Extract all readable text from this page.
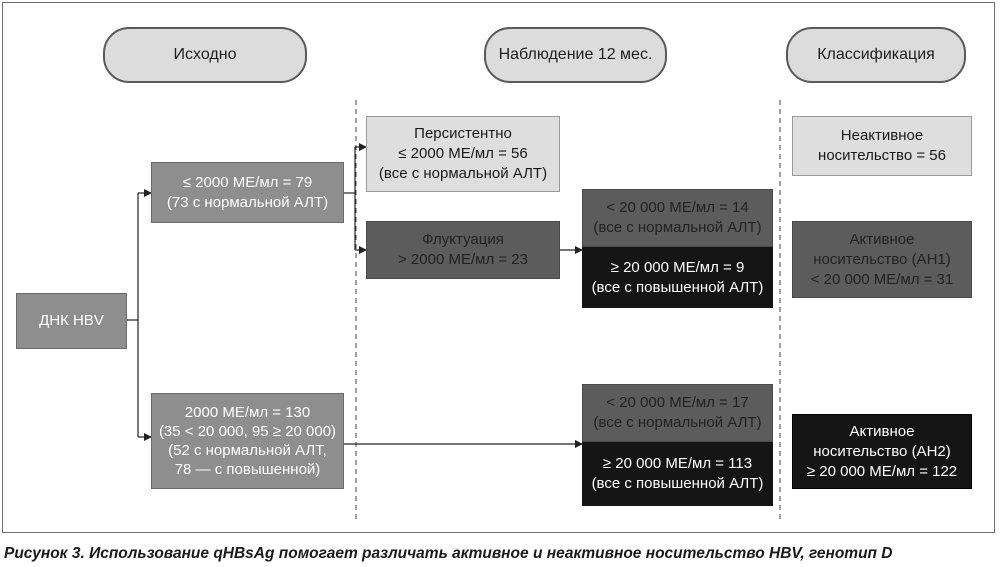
Исходно	Наблюдение 12 мес.	Классификация
ДНК HBV
≤ 2000 МЕ/мл = 79
(73 с нормальной АЛТ)
2000 МЕ/мл = 130
(35 < 20 000, 95 ≥ 20 000)
(52 с нормальной АЛТ,
78 — с повышенной)
Персистентно
≤ 2000 МЕ/мл = 56
(все с нормальной АЛТ)
Флуктуация
> 2000 МЕ/мл = 23
< 20 000 МЕ/мл = 14
(все с нормальной АЛТ)
≥ 20 000 МЕ/мл = 9
(все с повышенной АЛТ)
< 20 000 МЕ/мл = 17
(все с нормальной АЛТ)
≥ 20 000 МЕ/мл = 113
(все с повышенной АЛТ)
Неактивное
носительство = 56
Активное
носительство (АН1)
< 20 000 МЕ/мл = 31
Активное
носительство (АН2)
≥ 20 000 МЕ/мл = 122
Рисунок 3. Использование qHBsAg помогает различать активное и неактивное носительство HBV, генотип D
